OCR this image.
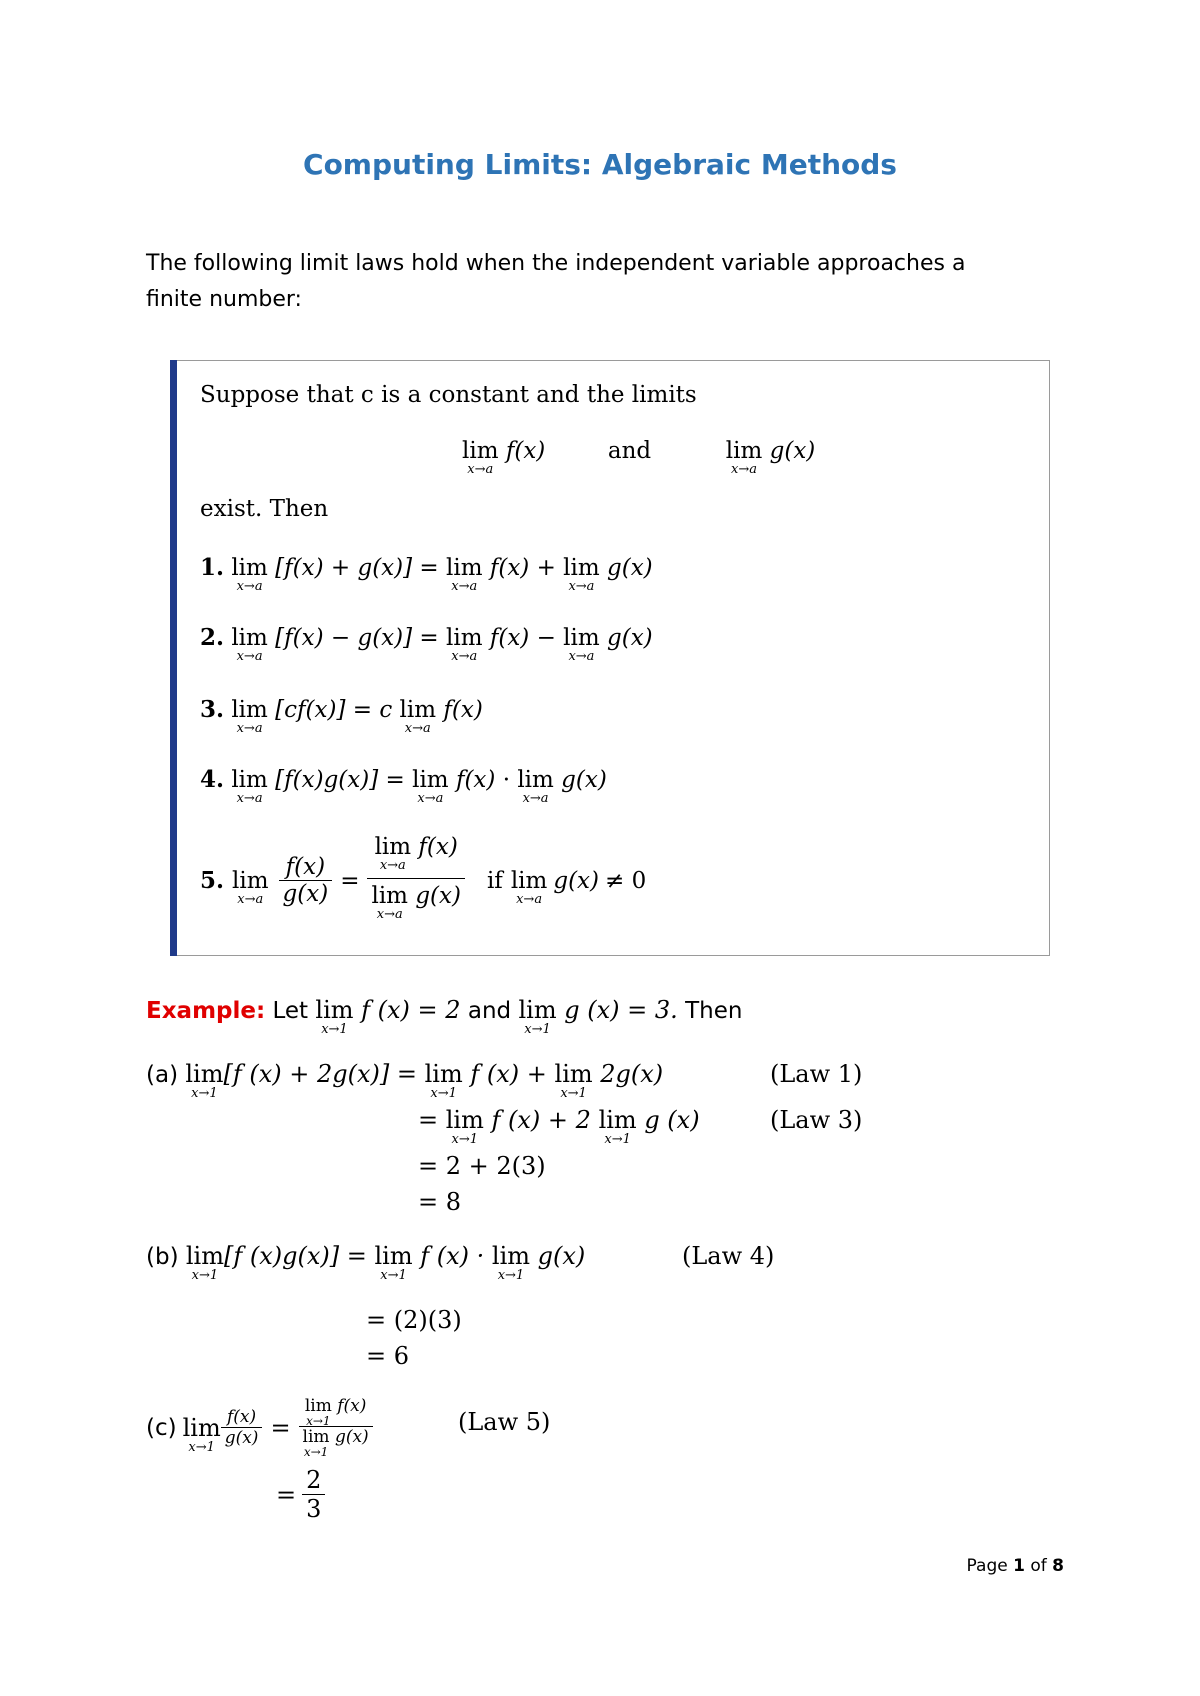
Computing Limits: Algebraic Methods
The following limit laws hold when the independent variable approaches a
finite number:
Suppose that c is a constant and the limits
lim
x→a
f(x)	and	lim
x→a
g(x)
exist. Then
1. lim
x→a
[f(x) + g(x)] = lim
x→a
f(x) + lim
x→a
g(x)
2. lim
x→a
[f(x) − g(x)] = lim
x→a
f(x) − lim
x→a
g(x)
3. lim
x→a
[cf(x)] = c lim
x→a
f(x)
4. lim
x→a
[f(x)g(x)] = lim
x→a
f(x) · lim
x→a
g(x)
5. lim
$x\to a \frac{f(x)}{g(x)} = \lim$
x→a
f(x)
lim
x→a
g(x) if lim
x→a
g(x) ≠ 0
Example: Let lim
x→1
f (x) = 2 and lim
x→1
g (x) = 3. Then
(a) lim
x→1
[f (x) + 2g(x)] = lim
x→1
f (x) + lim
x→1
2g(x)	(Law 1)
= lim
x→1
f (x) + 2 lim
x→1
g (x)	(Law 3)
= 2 + 2(3)
= 8
(b) lim
x→1
[f (x)g(x)] = lim
x→1
f (x) · lim
x→1
g(x)	(Law 4)
= (2)(3)
= 6
(c) lim
$x\to 1 \frac{f(x)}{g(x)} = \lim$
x→1
f(x)
lim
x→1
g(x)	(Law 5)
= $\frac{2}{3}$
Page 1 of 8
